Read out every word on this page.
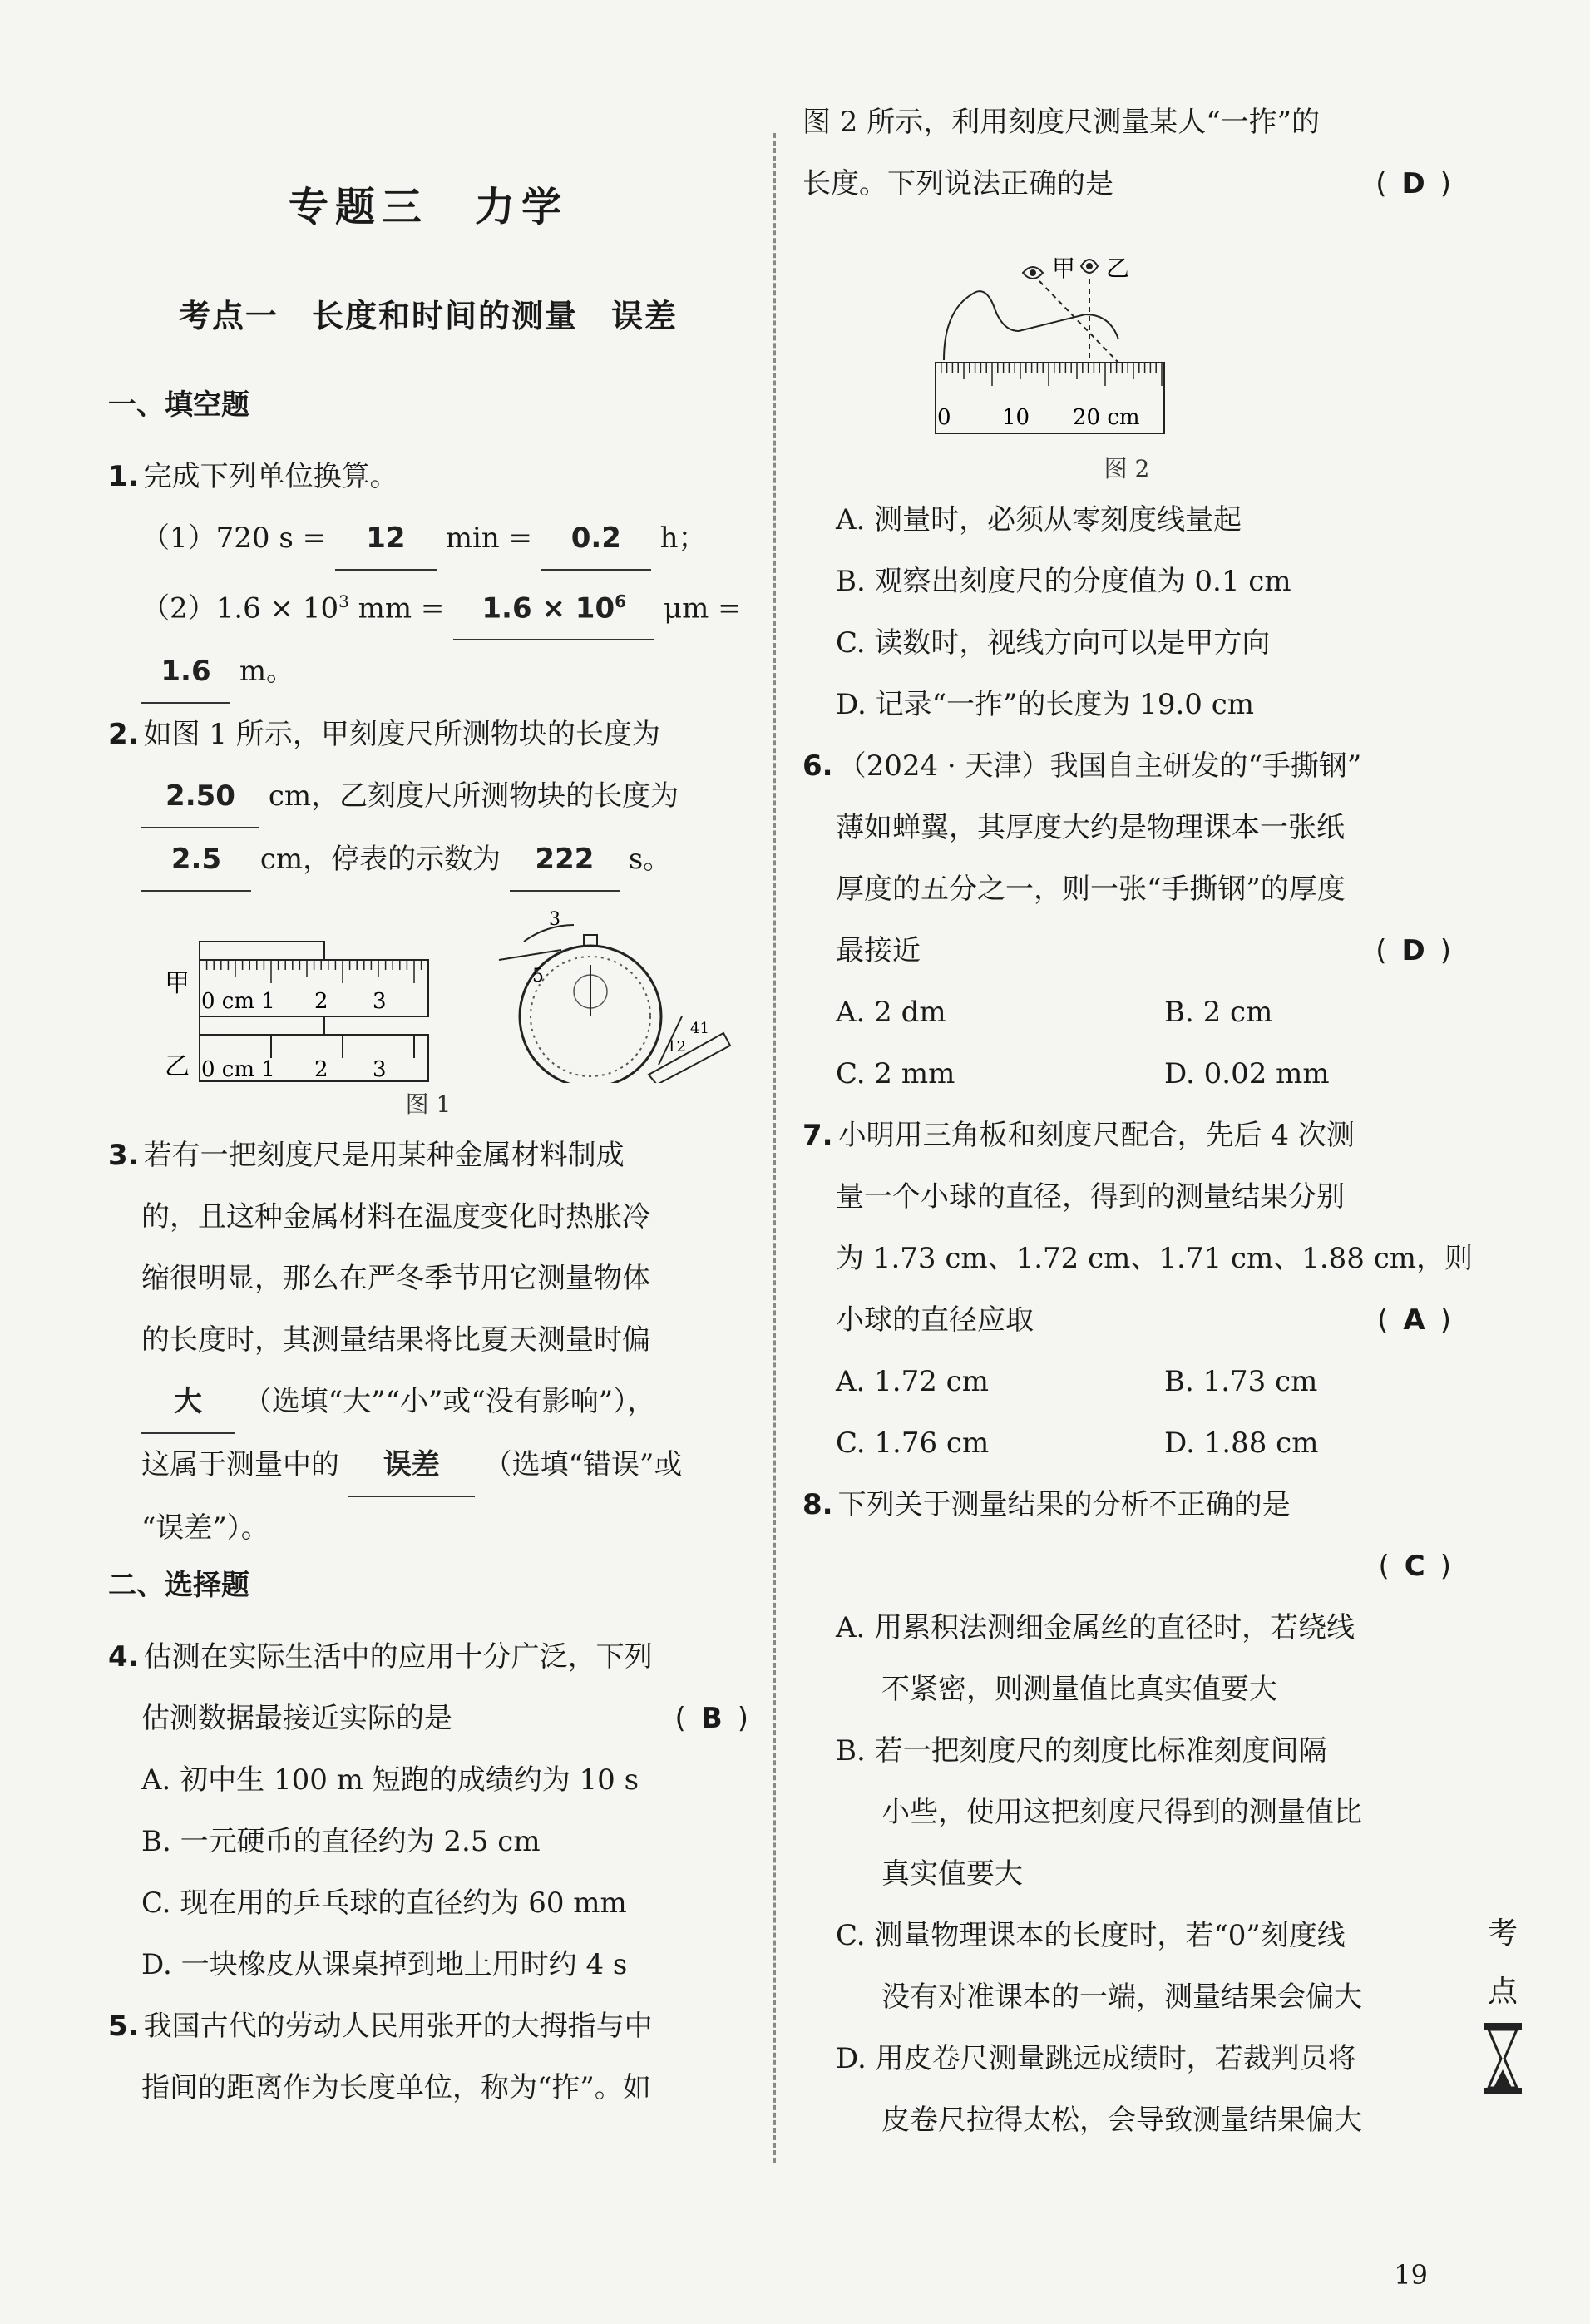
专题三　力学
考点一　长度和时间的测量　误差
一、填空题
1. 完成下列单位换算。
（1）720 s = 12 min = 0.2 h；
$(2)1.6 \times 10^3$ mm = $1.6 \times 10^6$ μm =
1.6 m。
2. 如图 1 所示，甲刻度尺所测物块的长度为
2.50 cm，乙刻度尺所测物块的长度为
2.5 cm，停表的示数为 222 s。
甲
0 cm 1 2 3
乙 0 cm 1 2 3
3
5
41
12
图 1
3. 若有一把刻度尺是用某种金属材料制成
的，且这种金属材料在温度变化时热胀冷
缩很明显，那么在严冬季节用它测量物体
的长度时，其测量结果将比夏天测量时偏
大 （选填“大”“小”或“没有影响”），
这属于测量中的 误差 （选填“错误”或
“误差”）。
二、选择题
4. 估测在实际生活中的应用十分广泛，下列
估测数据最接近实际的是	( B )
A. 初中生 100 m 短跑的成绩约为 10 s
B. 一元硬币的直径约为 2.5 cm
C. 现在用的乒乓球的直径约为 60 mm
D. 一块橡皮从课桌掉到地上用时约 4 s
5. 我国古代的劳动人民用张开的大拇指与中
指间的距离作为长度单位，称为“拃”。如
图 2 所示，利用刻度尺测量某人“一拃”的
长度。下列说法正确的是	( D )
甲 乙
0 10 20 cm
图 2
A. 测量时，必须从零刻度线量起
B. 观察出刻度尺的分度值为 0.1 cm
C. 读数时，视线方向可以是甲方向
D. 记录“一拃”的长度为 19.0 cm
6. （2024 · 天津）我国自主研发的“手撕钢”
薄如蝉翼，其厚度大约是物理课本一张纸
厚度的五分之一，则一张“手撕钢”的厚度
最接近	( D )
A. 2 dm	B. 2 cm
C. 2 mm	D. 0.02 mm
7. 小明用三角板和刻度尺配合，先后 4 次测
量一个小球的直径，得到的测量结果分别
为 1.73 cm、1.72 cm、1.71 cm、1.88 cm，则
小球的直径应取	( A )
A. 1.72 cm	B. 1.73 cm
C. 1.76 cm	D. 1.88 cm
8. 下列关于测量结果的分析不正确的是
( C )
A. 用累积法测细金属丝的直径时，若绕线
不紧密，则测量值比真实值要大
B. 若一把刻度尺的刻度比标准刻度间隔
小些，使用这把刻度尺得到的测量值比
真实值要大
C. 测量物理课本的长度时，若“0”刻度线
没有对准课本的一端，测量结果会偏大
D. 用皮卷尺测量跳远成绩时，若裁判员将
皮卷尺拉得太松，会导致测量结果偏大
考
点
19
